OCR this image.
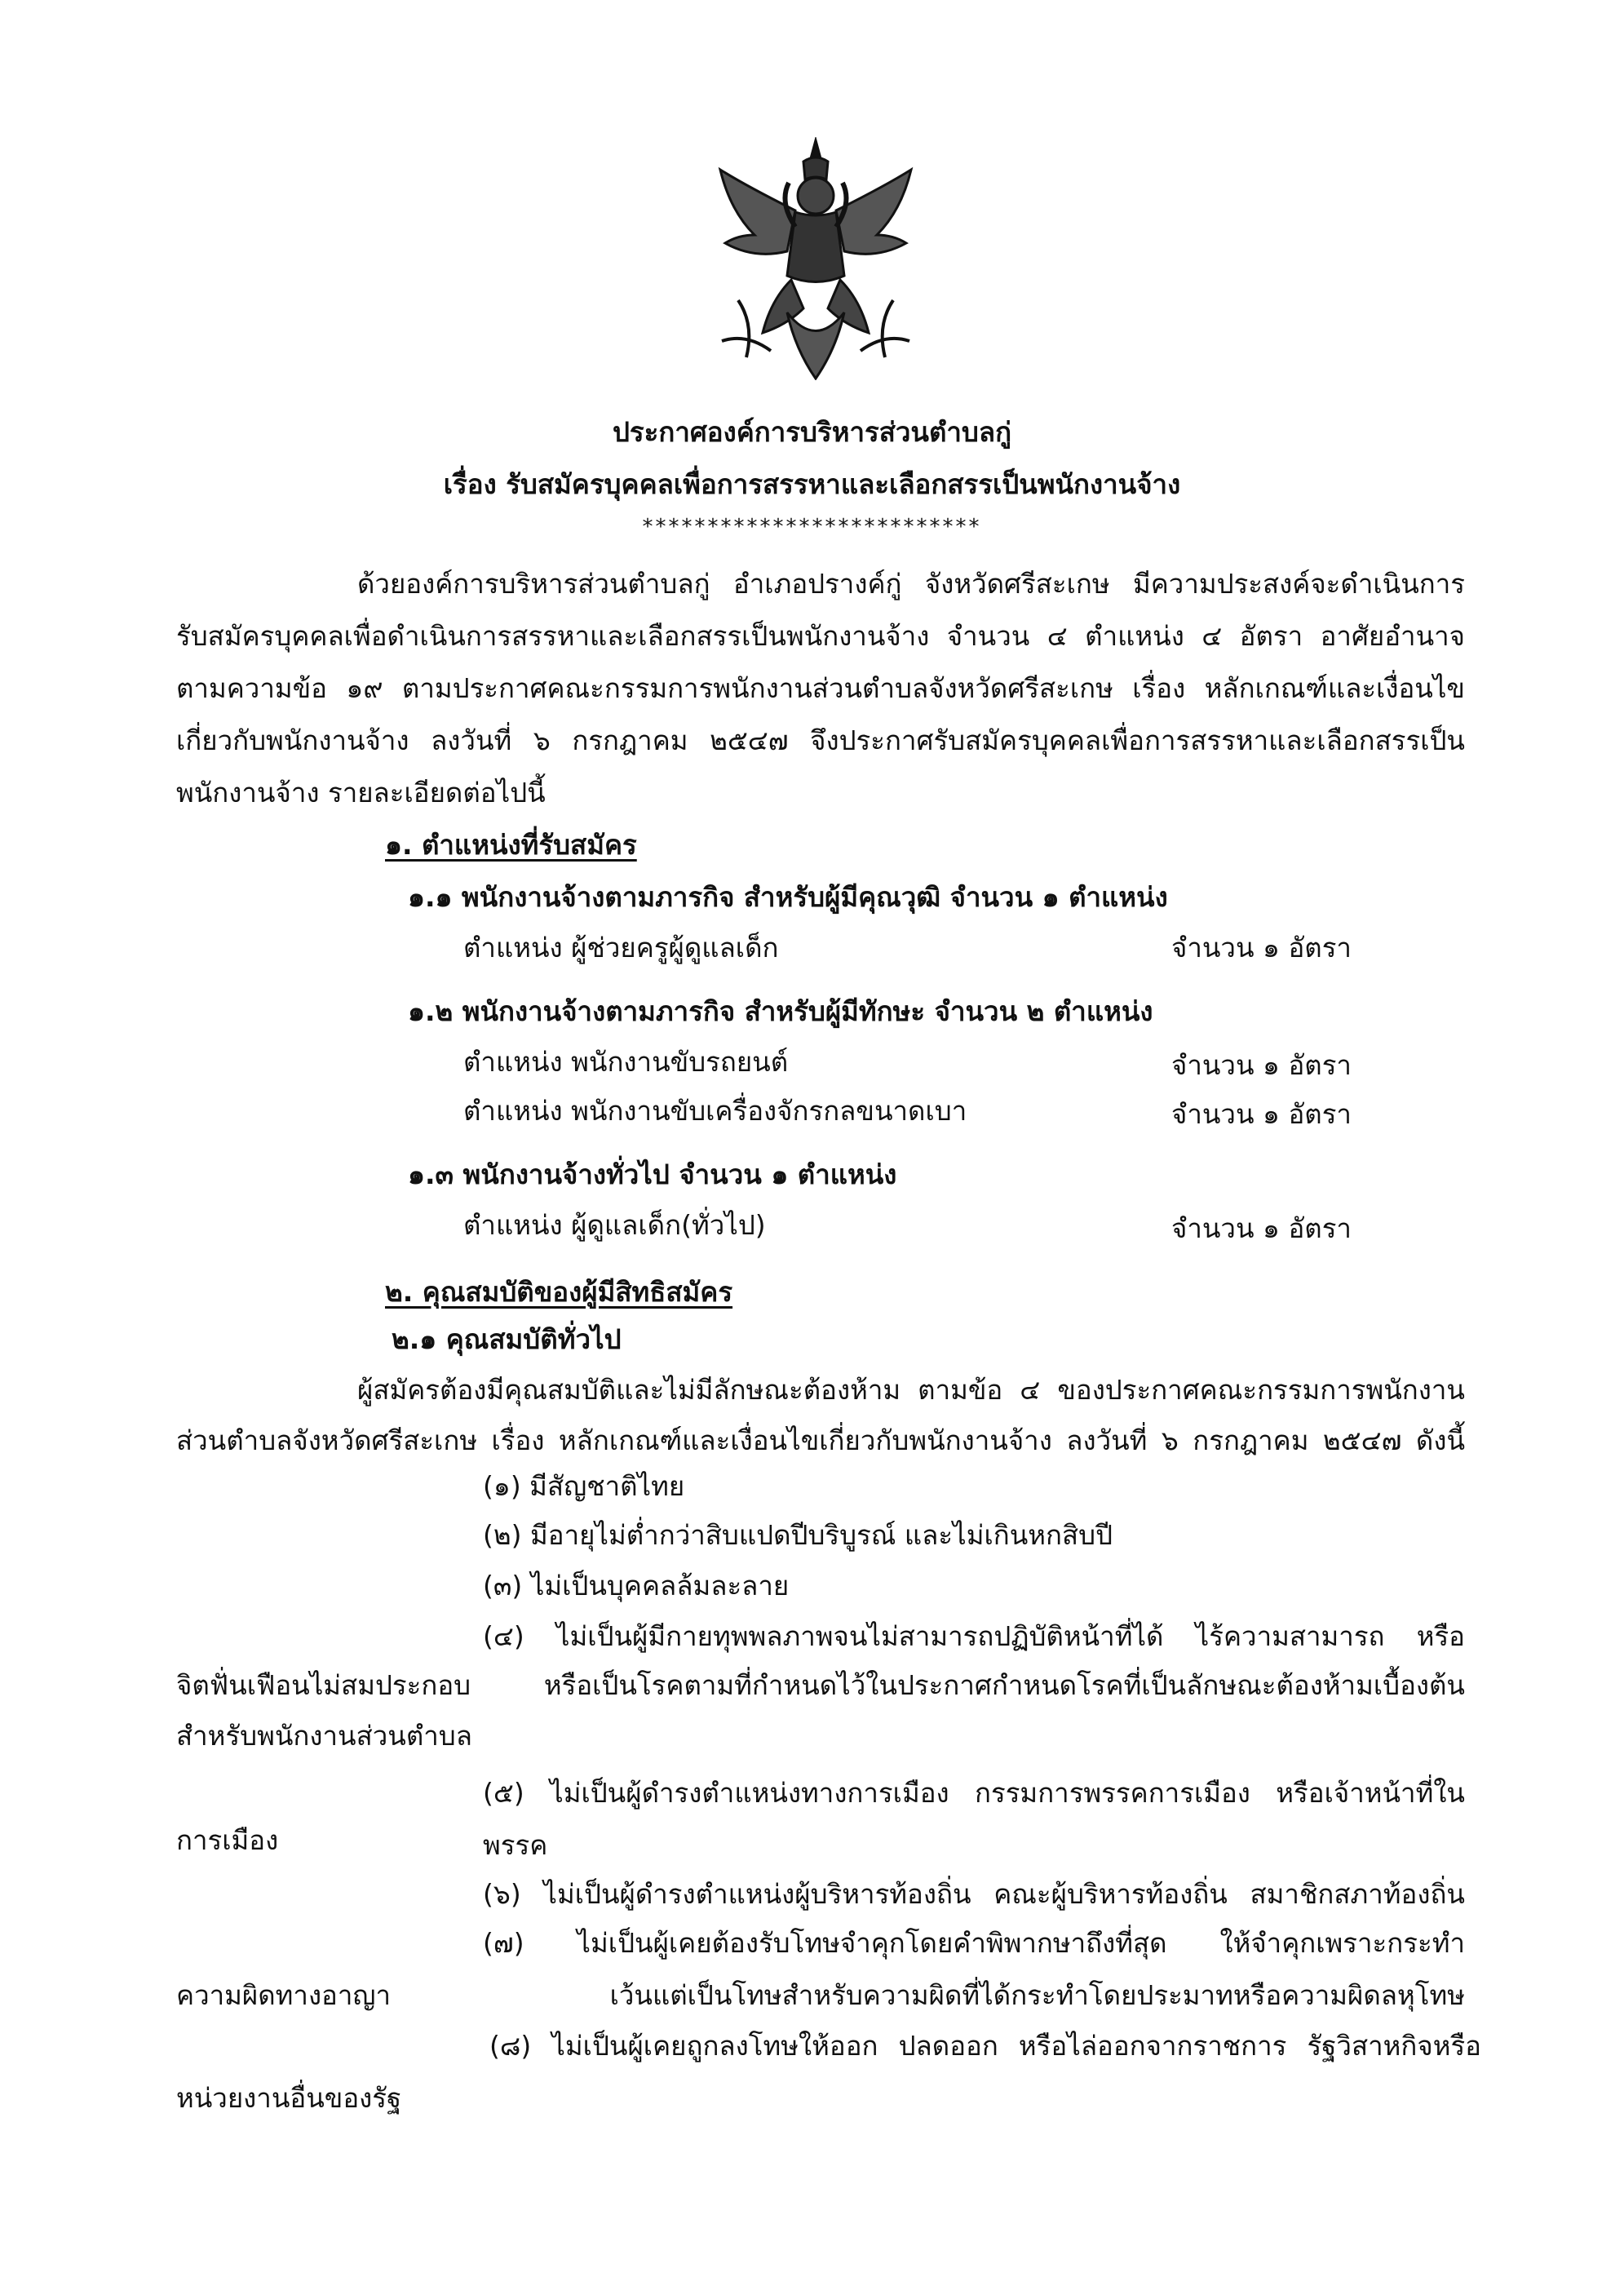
ประกาศองค์การบริหารส่วนตำบลกู่
เรื่อง รับสมัครบุคคลเพื่อการสรรหาและเลือกสรรเป็นพนักงานจ้าง
**************************
ด้วยองค์การบริหารส่วนตำบลกู่ อำเภอปรางค์กู่ จังหวัดศรีสะเกษ มีความประสงค์จะดำเนินการ
รับสมัครบุคคลเพื่อดำเนินการสรรหาและเลือกสรรเป็นพนักงานจ้าง จำนวน ๔ ตำแหน่ง ๔ อัตรา อาศัยอำนาจ
ตามความข้อ ๑๙ ตามประกาศคณะกรรมการพนักงานส่วนตำบลจังหวัดศรีสะเกษ เรื่อง หลักเกณฑ์และเงื่อนไข
เกี่ยวกับพนักงานจ้าง ลงวันที่ ๖ กรกฎาคม ๒๕๔๗ จึงประกาศรับสมัครบุคคลเพื่อการสรรหาและเลือกสรรเป็น
พนักงานจ้าง รายละเอียดต่อไปนี้
๑. ตำแหน่งที่รับสมัคร
๑.๑ พนักงานจ้างตามภารกิจ สำหรับผู้มีคุณวุฒิ จำนวน ๑ ตำแหน่ง
ตำแหน่ง ผู้ช่วยครูผู้ดูแลเด็ก	จำนวน ๑ อัตรา
๑.๒ พนักงานจ้างตามภารกิจ สำหรับผู้มีทักษะ จำนวน ๒ ตำแหน่ง
ตำแหน่ง พนักงานขับรถยนต์	จำนวน ๑ อัตรา
ตำแหน่ง พนักงานขับเครื่องจักรกลขนาดเบา	จำนวน ๑ อัตรา
๑.๓ พนักงานจ้างทั่วไป จำนวน ๑ ตำแหน่ง
ตำแหน่ง ผู้ดูแลเด็ก(ทั่วไป)	จำนวน ๑ อัตรา
๒. คุณสมบัติของผู้มีสิทธิสมัคร
๒.๑ คุณสมบัติทั่วไป
ผู้สมัครต้องมีคุณสมบัติและไม่มีลักษณะต้องห้าม ตามข้อ ๔ ของประกาศคณะกรรมการพนักงาน
ส่วนตำบลจังหวัดศรีสะเกษ เรื่อง หลักเกณฑ์และเงื่อนไขเกี่ยวกับพนักงานจ้าง ลงวันที่ ๖ กรกฎาคม ๒๕๔๗ ดังนี้
(๑) มีสัญชาติไทย
(๒) มีอายุไม่ต่ำกว่าสิบแปดปีบริบูรณ์ และไม่เกินหกสิบปี
(๓) ไม่เป็นบุคคลล้มละลาย
(๔) ไม่เป็นผู้มีกายทุพพลภาพจนไม่สามารถปฏิบัติหน้าที่ได้ ไร้ความสามารถ หรือ
จิตฟั่นเฟือนไม่สมประกอบ หรือเป็นโรคตามที่กำหนดไว้ในประกาศกำหนดโรคที่เป็นลักษณะต้องห้ามเบื้องต้น
สำหรับพนักงานส่วนตำบล
(๕) ไม่เป็นผู้ดำรงตำแหน่งทางการเมือง กรรมการพรรคการเมือง หรือเจ้าหน้าที่ในพรรค
การเมือง
(๖) ไม่เป็นผู้ดำรงตำแหน่งผู้บริหารท้องถิ่น คณะผู้บริหารท้องถิ่น สมาชิกสภาท้องถิ่น
(๗) ไม่เป็นผู้เคยต้องรับโทษจำคุกโดยคำพิพากษาถึงที่สุด ให้จำคุกเพราะกระทำ
ความผิดทางอาญา เว้นแต่เป็นโทษสำหรับความผิดที่ได้กระทำโดยประมาทหรือความผิดลหุโทษ
(๘) ไม่เป็นผู้เคยถูกลงโทษให้ออก ปลดออก หรือไล่ออกจากราชการ รัฐวิสาหกิจหรือ
หน่วยงานอื่นของรัฐ
